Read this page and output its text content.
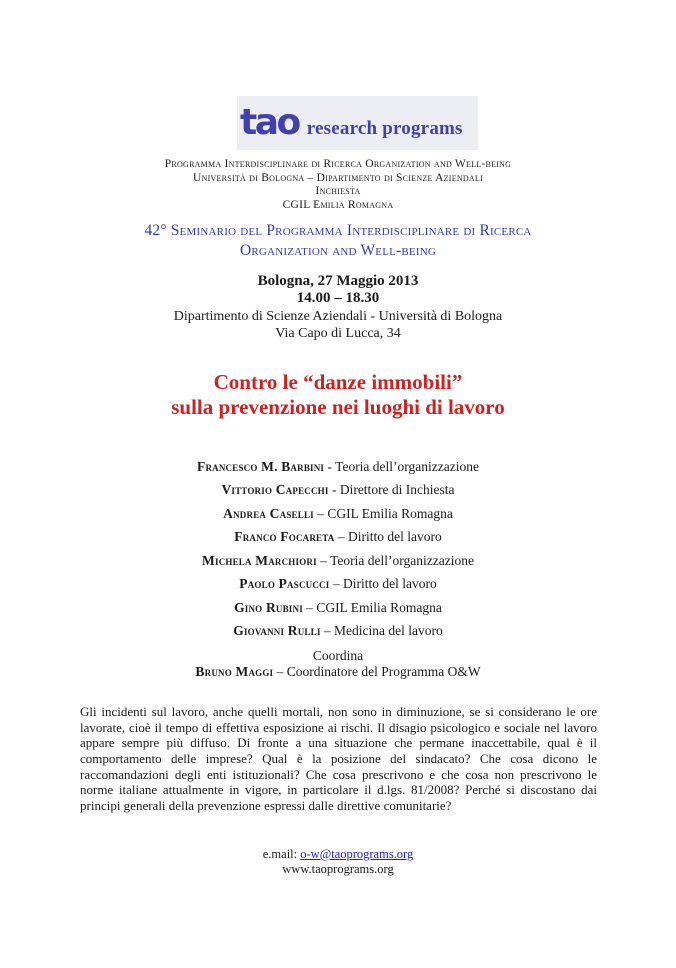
tao research programs
Programma Interdisciplinare di Ricerca Organization and Well-being
Università di Bologna – Dipartimento di Scienze Aziendali
Inchiesta
CGIL Emilia Romagna
42° Seminario del Programma Interdisciplinare di Ricerca
Organization and Well-being
Bologna, 27 Maggio 2013
14.00 – 18.30
Dipartimento di Scienze Aziendali - Università di Bologna
Via Capo di Lucca, 34
Contro le “danze immobili”
sulla prevenzione nei luoghi di lavoro
Francesco M. Barbini - Teoria dell’organizzazione
Vittorio Capecchi - Direttore di Inchiesta
Andrea Caselli – CGIL Emilia Romagna
Franco Focareta – Diritto del lavoro
Michela Marchiori – Teoria dell’organizzazione
Paolo Pascucci – Diritto del lavoro
Gino Rubini – CGIL Emilia Romagna
Giovanni Rulli – Medicina del lavoro
Coordina
Bruno Maggi – Coordinatore del Programma O&W

Gli incidenti sul lavoro, anche quelli mortali, non sono in diminuzione, se si considerano le ore lavorate, cioè il tempo di effettiva esposizione ai rischi. Il disagio psicologico e sociale nel lavoro appare sempre più diffuso. Di fronte a una situazione che permane inaccettabile, qual è il comportamento delle imprese? Qual è la posizione del sindacato? Che cosa dicono le raccomandazioni degli enti istituzionali? Che cosa prescrivono e che cosa non prescrivono le norme italiane attualmente in vigore, in particolare il d.lgs. 81/2008? Perché si discostano dai principi generali della prevenzione espressi dalle direttive comunitarie?

e.mail: o-w@taoprograms.org
www.taoprograms.org
